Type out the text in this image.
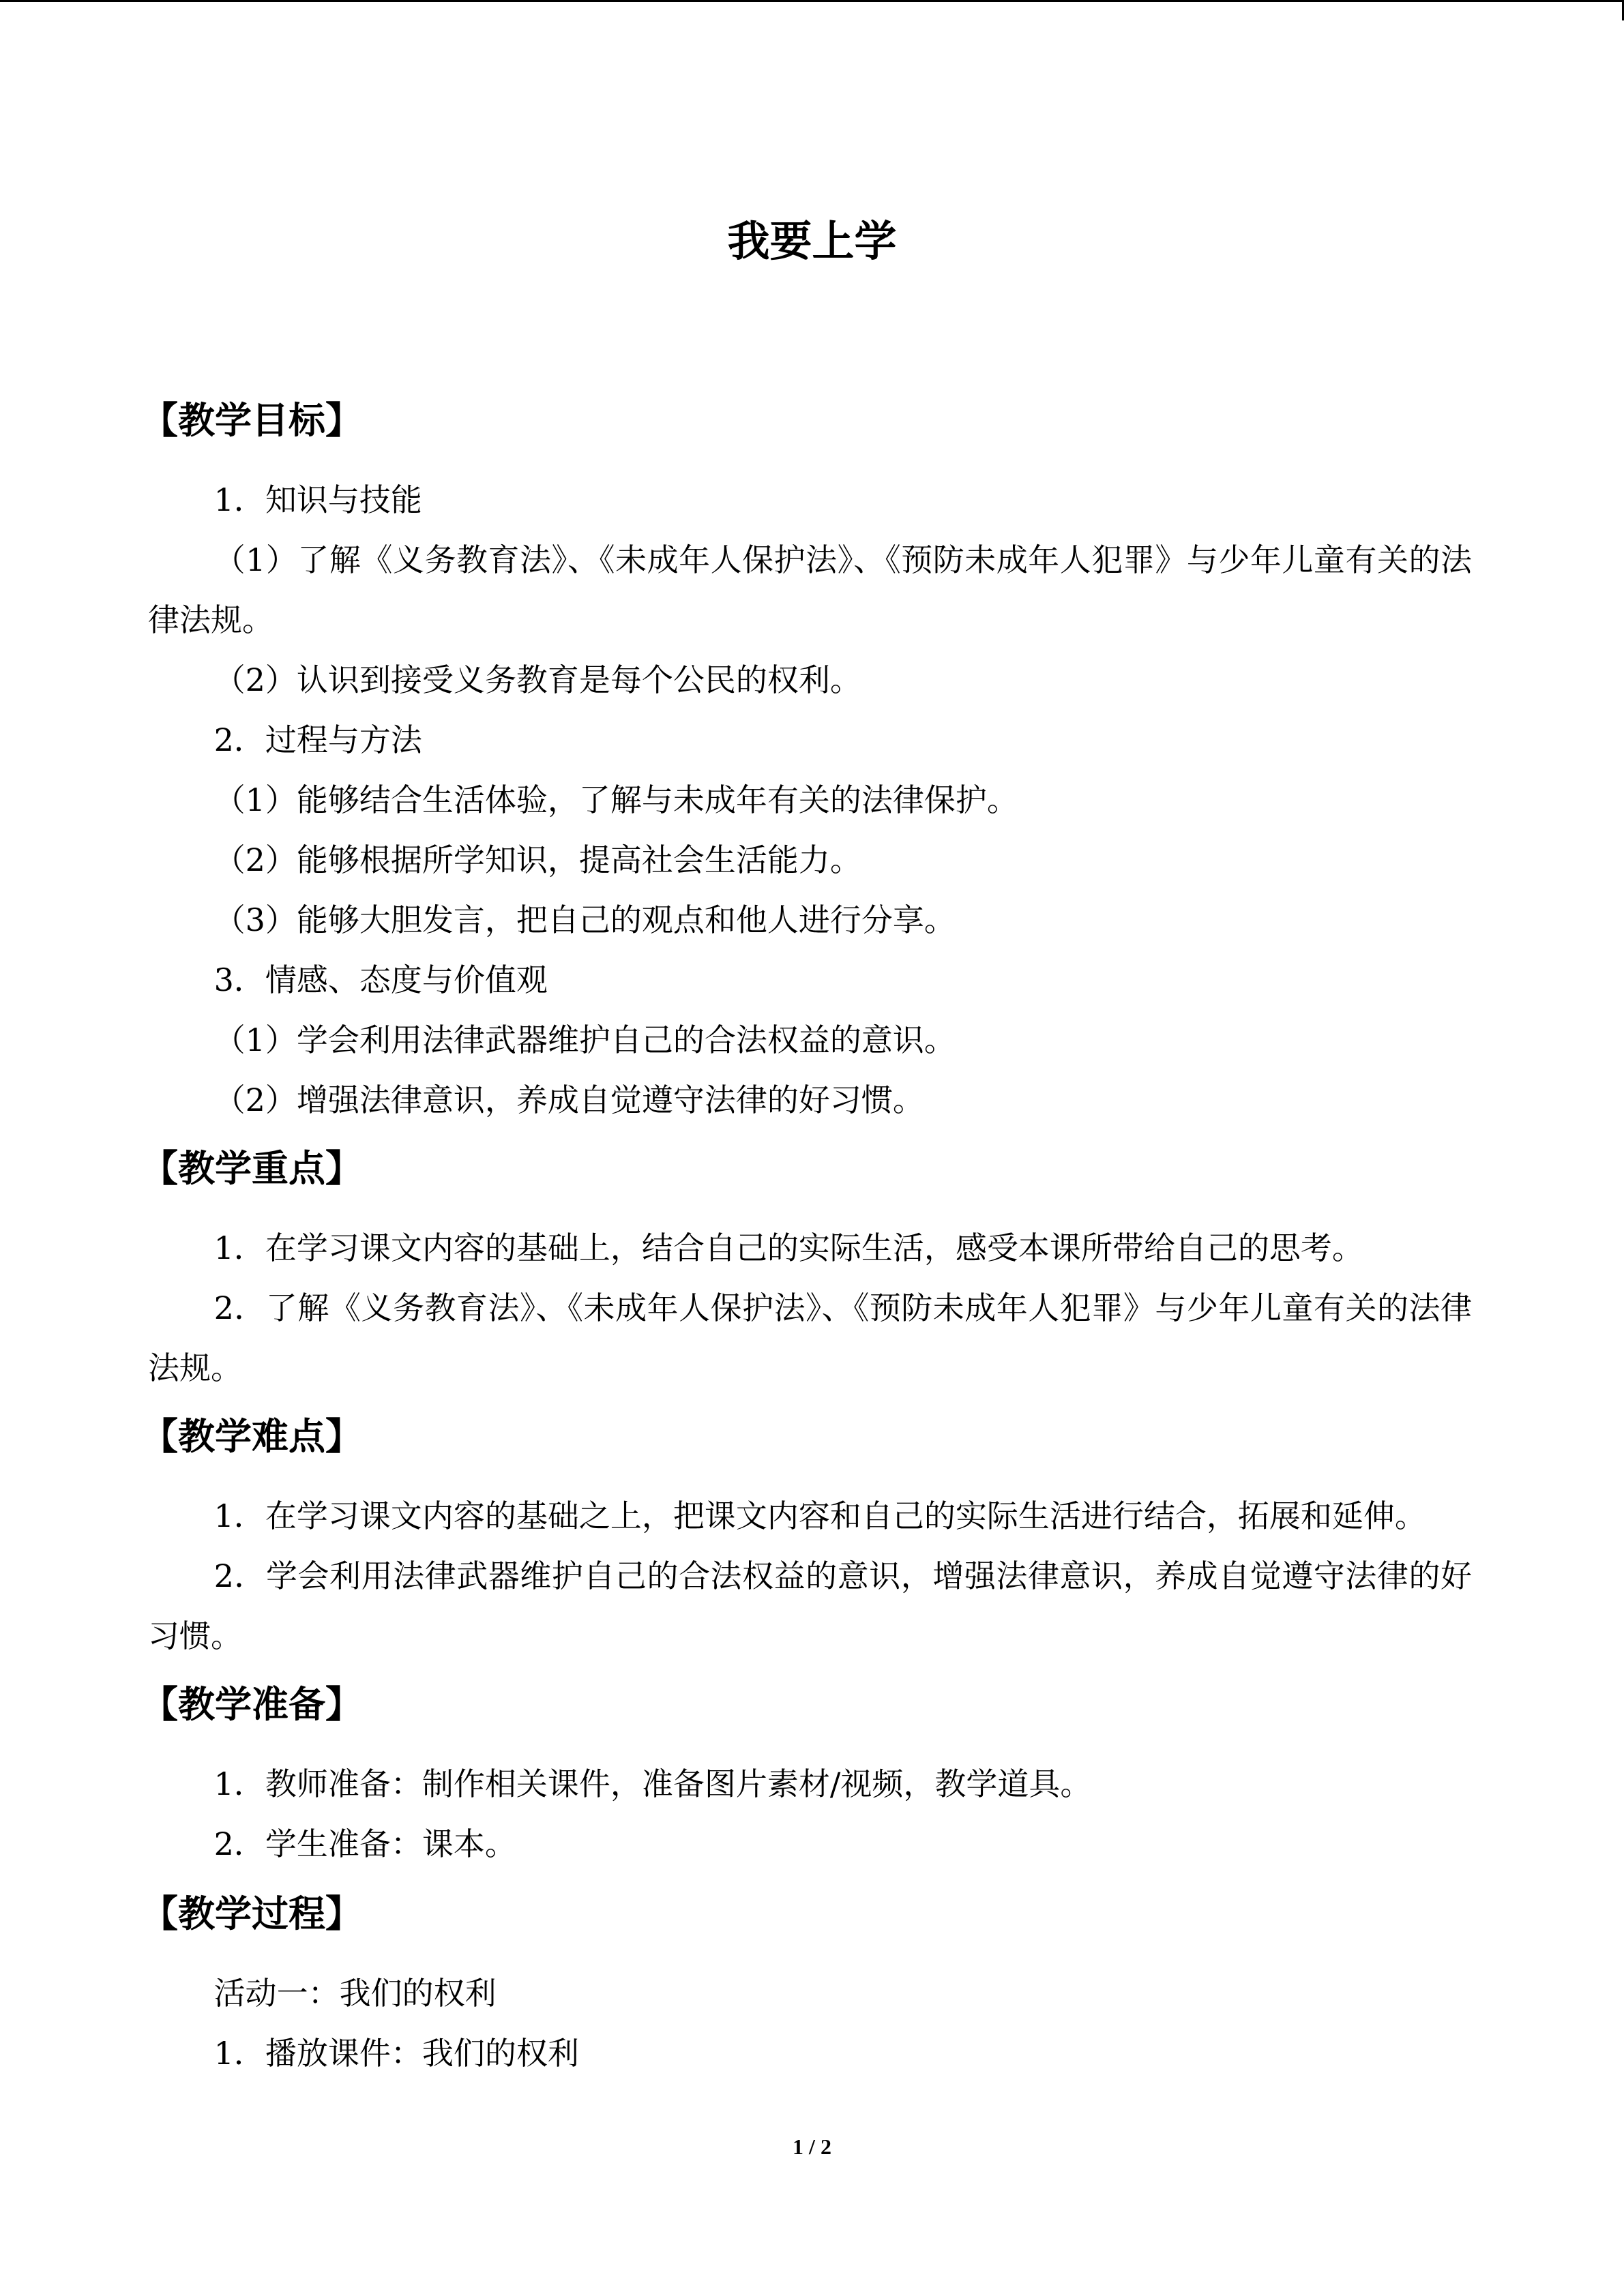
我要上学
【教学目标】

1．知识与技能

（1）了解《义务教育法》、《未成年人保护法》、《预防未成年人犯罪》与少年儿童有关的法律法规。

（2）认识到接受义务教育是每个公民的权利。

2．过程与方法

（1）能够结合生活体验，了解与未成年有关的法律保护。

（2）能够根据所学知识，提高社会生活能力。

（3）能够大胆发言，把自己的观点和他人进行分享。

3．情感、态度与价值观

（1）学会利用法律武器维护自己的合法权益的意识。

（2）增强法律意识，养成自觉遵守法律的好习惯。

【教学重点】

1．在学习课文内容的基础上，结合自己的实际生活，感受本课所带给自己的思考。

2．了解《义务教育法》、《未成年人保护法》、《预防未成年人犯罪》与少年儿童有关的法律法规。

【教学难点】

1．在学习课文内容的基础之上，把课文内容和自己的实际生活进行结合，拓展和延伸。

2．学会利用法律武器维护自己的合法权益的意识，增强法律意识，养成自觉遵守法律的好习惯。

【教学准备】

1．教师准备：制作相关课件，准备图片素材/视频，教学道具。

2．学生准备：课本。

【教学过程】

活动一：我们的权利

1．播放课件：我们的权利

1 / 2
